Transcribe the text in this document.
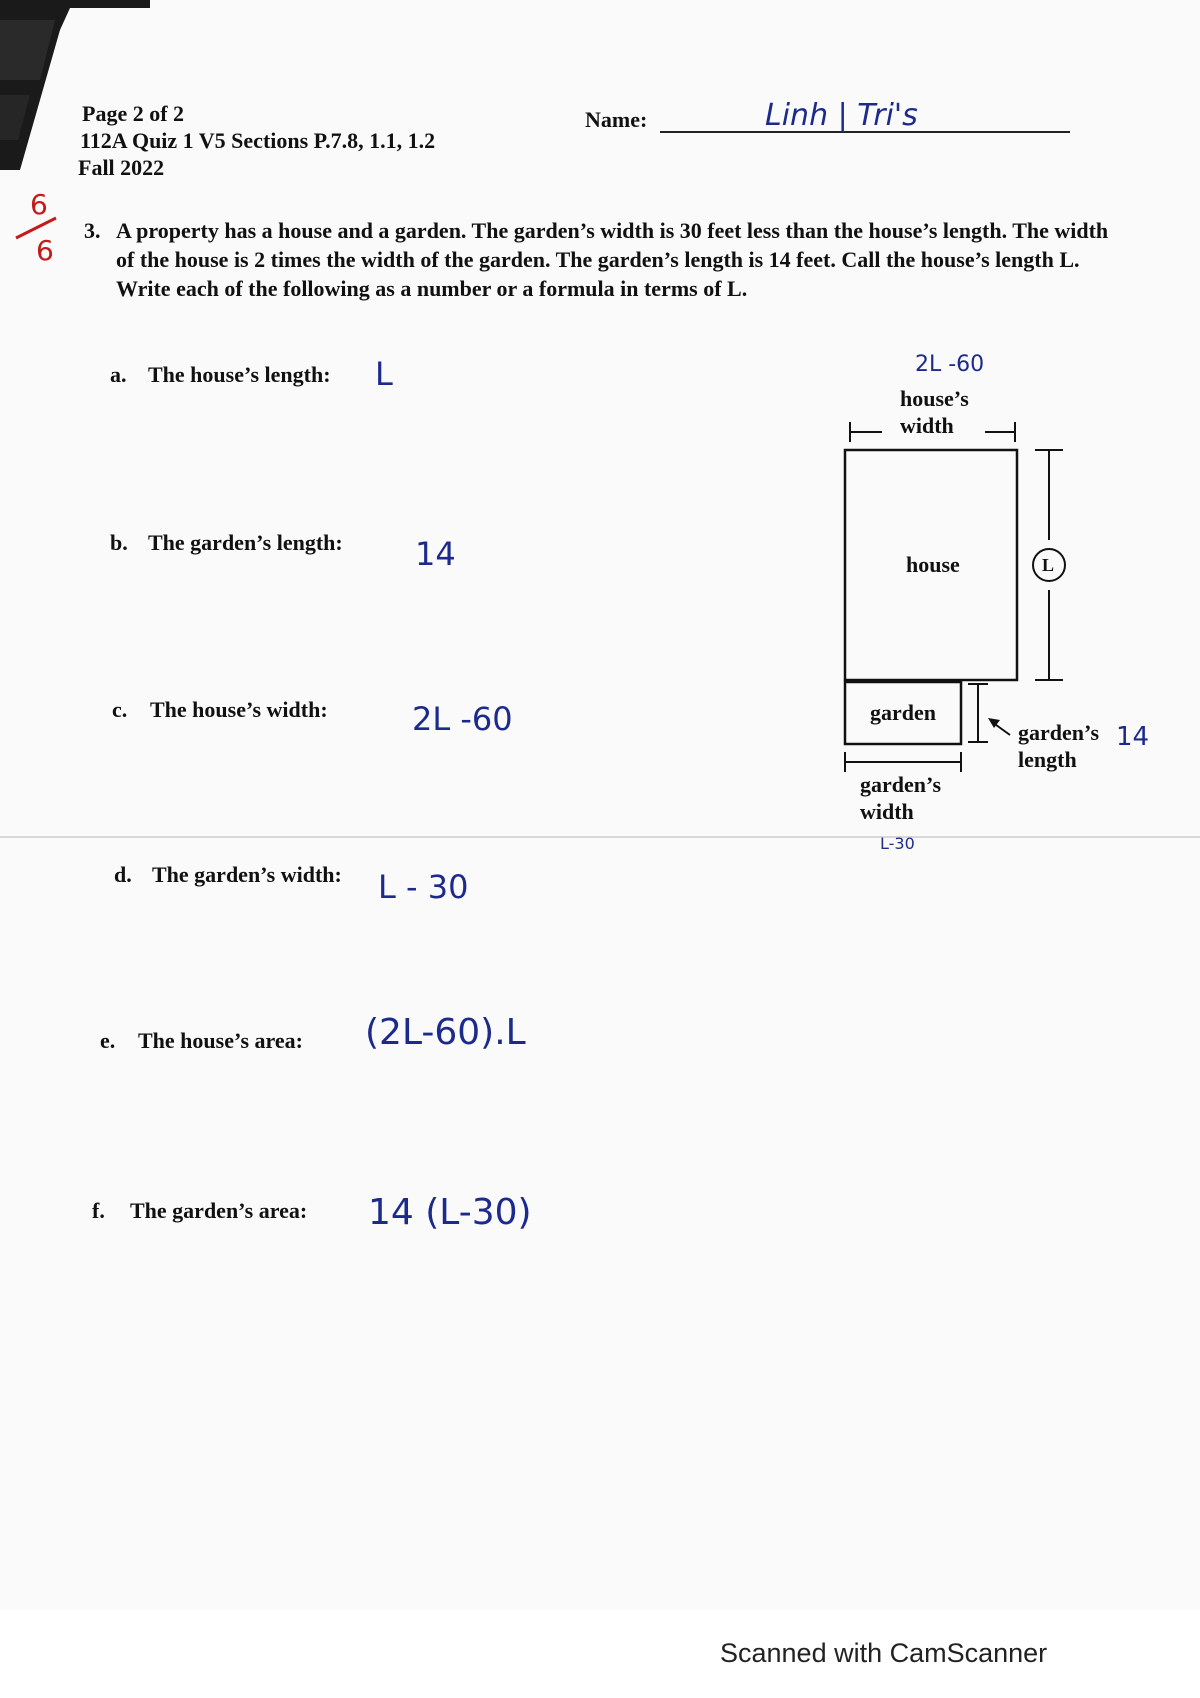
Page 2 of 2
112A Quiz 1 V5 Sections P.7.8, 1.1, 1.2
Fall 2022
Name:	Linh | Tri's
6
6
3. A property has a house and a garden. The garden’s width is 30 feet less than the house’s length. The width of the house is 2 times the width of the garden. The garden’s length is 14 feet. Call the house’s length L. Write each of the following as a number or a formula in terms of L.
a. The house’s length: L
b. The garden’s length: 14
c. The house’s width:	2L -60
d. The garden’s width: L - 30
e. The house’s area: (2L-60).L
f. The garden’s area: 14 (L-30)
2L -60
house’s
width
house	L
garden
garden’s
length
14
garden’s
width
L-30
Scanned with CamScanner
